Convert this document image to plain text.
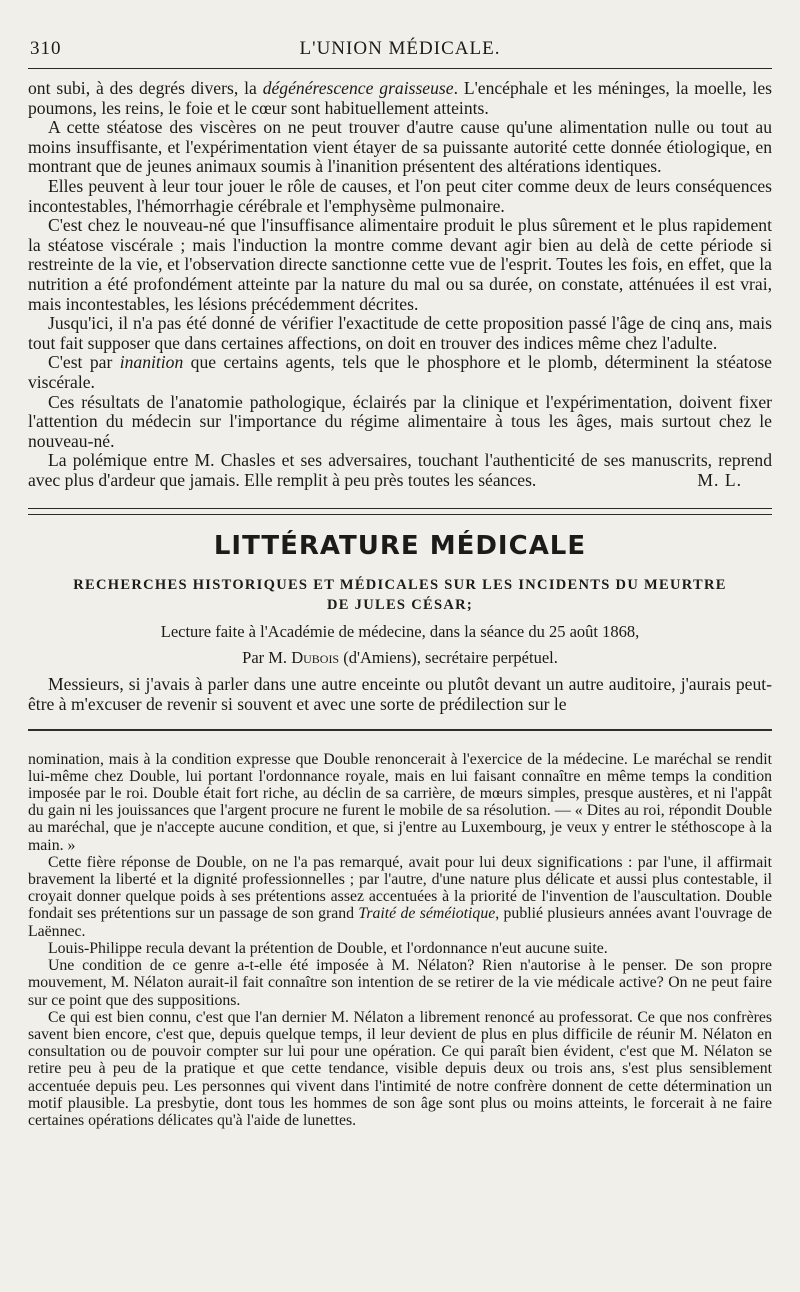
310	L'UNION MÉDICALE.

ont subi, à des degrés divers, la dégénérescence graisseuse. L'encéphale et les méninges, la moelle, les poumons, les reins, le foie et le cœur sont habituellement atteints.

A cette stéatose des viscères on ne peut trouver d'autre cause qu'une alimentation nulle ou tout au moins insuffisante, et l'expérimentation vient étayer de sa puissante autorité cette donnée étiologique, en montrant que de jeunes animaux soumis à l'inanition présentent des altérations identiques.

Elles peuvent à leur tour jouer le rôle de causes, et l'on peut citer comme deux de leurs conséquences incontestables, l'hémorrhagie cérébrale et l'emphysème pulmonaire.

C'est chez le nouveau-né que l'insuffisance alimentaire produit le plus sûrement et le plus rapidement la stéatose viscérale ; mais l'induction la montre comme devant agir bien au delà de cette période si restreinte de la vie, et l'observation directe sanctionne cette vue de l'esprit. Toutes les fois, en effet, que la nutrition a été profondément atteinte par la nature du mal ou sa durée, on constate, atténuées il est vrai, mais incontestables, les lésions précédemment décrites.

Jusqu'ici, il n'a pas été donné de vérifier l'exactitude de cette proposition passé l'âge de cinq ans, mais tout fait supposer que dans certaines affections, on doit en trouver des indices même chez l'adulte.

C'est par inanition que certains agents, tels que le phosphore et le plomb, déterminent la stéatose viscérale.

Ces résultats de l'anatomie pathologique, éclairés par la clinique et l'expérimentation, doivent fixer l'attention du médecin sur l'importance du régime alimentaire à tous les âges, mais surtout chez le nouveau-né.

La polémique entre M. Chasles et ses adversaires, touchant l'authenticité de ses manuscrits, reprend avec plus d'ardeur que jamais. Elle remplit à peu près toutes les séances.	M. L.

LITTÉRATURE MÉDICALE
RECHERCHES HISTORIQUES ET MÉDICALES SUR LES INCIDENTS DU MEURTRE
DE JULES CÉSAR;
Lecture faite à l'Académie de médecine, dans la séance du 25 août 1868,
Par M. Dubois (d'Amiens), secrétaire perpétuel.

Messieurs, si j'avais à parler dans une autre enceinte ou plutôt devant un autre auditoire, j'aurais peut-être à m'excuser de revenir si souvent et avec une sorte de prédilection sur le

nomination, mais à la condition expresse que Double renoncerait à l'exercice de la médecine. Le maréchal se rendit lui-même chez Double, lui portant l'ordonnance royale, mais en lui faisant connaître en même temps la condition imposée par le roi. Double était fort riche, au déclin de sa carrière, de mœurs simples, presque austères, et ni l'appât du gain ni les jouissances que l'argent procure ne furent le mobile de sa résolution. — « Dites au roi, répondit Double au maréchal, que je n'accepte aucune condition, et que, si j'entre au Luxembourg, je veux y entrer le stéthoscope à la main. »

Cette fière réponse de Double, on ne l'a pas remarqué, avait pour lui deux significations : par l'une, il affirmait bravement la liberté et la dignité professionnelles ; par l'autre, d'une nature plus délicate et aussi plus contestable, il croyait donner quelque poids à ses prétentions assez accentuées à la priorité de l'invention de l'auscultation. Double fondait ses prétentions sur un passage de son grand Traité de séméiotique, publié plusieurs années avant l'ouvrage de Laënnec.

Louis-Philippe recula devant la prétention de Double, et l'ordonnance n'eut aucune suite.

Une condition de ce genre a-t-elle été imposée à M. Nélaton? Rien n'autorise à le penser. De son propre mouvement, M. Nélaton aurait-il fait connaître son intention de se retirer de la vie médicale active? On ne peut faire sur ce point que des suppositions.

Ce qui est bien connu, c'est que l'an dernier M. Nélaton a librement renoncé au professorat. Ce que nos confrères savent bien encore, c'est que, depuis quelque temps, il leur devient de plus en plus difficile de réunir M. Nélaton en consultation ou de pouvoir compter sur lui pour une opération. Ce qui paraît bien évident, c'est que M. Nélaton se retire peu à peu de la pratique et que cette tendance, visible depuis deux ou trois ans, s'est plus sensiblement accentuée depuis peu. Les personnes qui vivent dans l'intimité de notre confrère donnent de cette détermination un motif plausible. La presbytie, dont tous les hommes de son âge sont plus ou moins atteints, le forcerait à ne faire certaines opérations délicates qu'à l'aide de lunettes.
